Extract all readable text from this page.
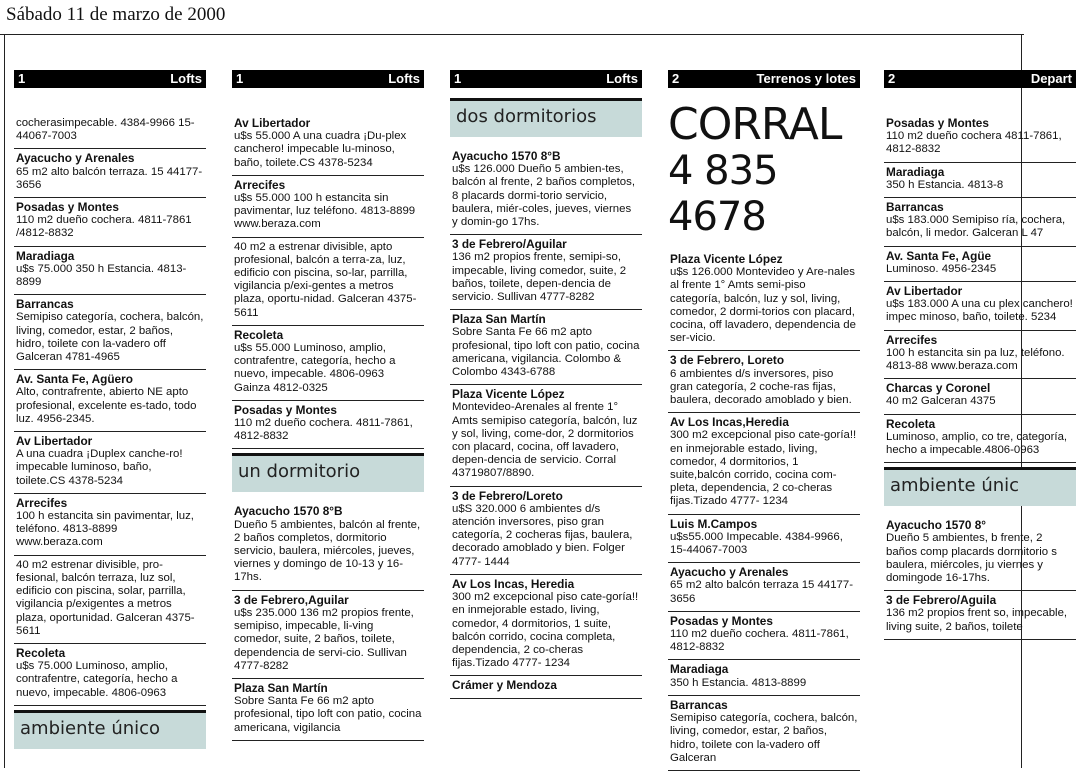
Sábado 11 de marzo de 2000
1	Lofts
cocherasimpecable. 4384-9966 15-44067-7003
Ayacucho y Arenales
65 m2 alto balcón terraza. 15 44177-3656
Posadas y Montes
110 m2 dueño cochera. 4811-7861 /4812-8832
Maradiaga
u$s 75.000 350 h Estancia. 4813-8899
Barrancas
Semipiso categoría, cochera, balcón, living, comedor, estar, 2 baños, hidro, toilete con la-vadero off Galceran 4781-4965
Av. Santa Fe, Agüero
Alto, contrafrente, abierto NE apto profesional, excelente es-tado, todo luz. 4956-2345.
Av Libertador
A una cuadra ¡Duplex canche-ro! impecable luminoso, baño, toilete.CS 4378-5234
Arrecifes
100 h estancita sin pavimentar, luz, teléfono. 4813-8899 www.beraza.com
40 m2 estrenar divisible, pro-fesional, balcón terraza, luz sol, edificio con piscina, solar, parrilla, vigilancia p/exigentes a metros plaza, oportunidad. Galceran 4375-5611
Recoleta
u$s 75.000 Luminoso, amplio, contrafentre, categoría, hecho a nuevo, impecable. 4806-0963
ambiente único
1	Lofts
Av Libertador
u$s 55.000 A una cuadra ¡Du-plex canchero! impecable lu-minoso, baño, toilete.CS 4378-5234
Arrecifes
u$s 55.000 100 h estancita sin pavimentar, luz teléfono. 4813-8899 www.beraza.com
40 m2 a estrenar divisible, apto profesional, balcón a terra-za, luz, edificio con piscina, so-lar, parrilla, vigilancia p/exi-gentes a metros plaza, oportu-nidad. Galceran 4375-5611
Recoleta
u$s 55.000 Luminoso, amplio, contrafentre, categoría, hecho a nuevo, impecable. 4806-0963 Gainza 4812-0325
Posadas y Montes
110 m2 dueño cochera. 4811-7861, 4812-8832
un dormitorio
Ayacucho 1570 8°B
Dueño 5 ambientes, balcón al frente, 2 baños completos, dormitorio servicio, baulera, miércoles, jueves, viernes y domingo de 10-13 y 16-17hs.
3 de Febrero,Aguilar
u$s 235.000 136 m2 propios frente, semipiso, impecable, li-ving comedor, suite, 2 baños, toilete, dependencia de servi-cio. Sullivan 4777-8282
Plaza San Martín
Sobre Santa Fe 66 m2 apto profesional, tipo loft con patio, cocina americana, vigilancia
1	Lofts
dos dormitorios
Ayacucho 1570 8°B
u$s 126.000 Dueño 5 ambien-tes, balcón al frente, 2 baños completos, 8 placards dormi-torio servicio, baulera, miér-coles, jueves, viernes y domin-go 17hs.
3 de Febrero/Aguilar
136 m2 propios frente, semipi-so, impecable, living comedor, suite, 2 baños, toilete, depen-dencia de servicio. Sullivan 4777-8282
Plaza San Martín
Sobre Santa Fe 66 m2 apto profesional, tipo loft con patio, cocina americana, vigilancia. Colombo & Colombo 4343-6788
Plaza Vicente López
Montevideo-Arenales al frente 1° Amts semipiso categoría, balcón, luz y sol, living, come-dor, 2 dormitorios con placard, cocina, off lavadero, depen-dencia de servicio. Corral 43719807/8890.
3 de Febrero/Loreto
u$S 320.000 6 ambientes d/s atención inversores, piso gran categoría, 2 cocheras fijas, baulera, decorado amoblado y bien. Folger 4777- 1444
Av Los Incas, Heredia
300 m2 excepcional piso cate-goría!! en inmejorable estado, living, comedor, 4 dormitorios, 1 suite, balcón corrido, cocina completa, dependencia, 2 co-cheras fijas.Tizado 4777- 1234
Crámer y Mendoza
2	Terrenos y lotes
CORRAL
4 835 4678
Plaza Vicente López
u$s 126.000 Montevideo y Are-nales al frente 1° Amts semi-piso categoría, balcón, luz y sol, living, comedor, 2 dormi-torios con placard, cocina, off lavadero, dependencia de ser-vicio.
3 de Febrero, Loreto
6 ambientes d/s inversores, piso gran categoría, 2 coche-ras fijas, baulera, decorado amoblado y bien.
Av Los Incas,Heredia
300 m2 excepcional piso cate-goría!! en inmejorable estado, living, comedor, 4 dormitorios, 1 suite,balcón corrido, cocina com-pleta, dependencia, 2 co-cheras fijas.Tizado 4777- 1234
Luis M.Campos
u$s55.000 Impecable. 4384-9966, 15-44067-7003
Ayacucho y Arenales
65 m2 alto balcón terraza 15 44177-3656
Posadas y Montes
110 m2 dueño cochera. 4811-7861, 4812-8832
Maradiaga
350 h Estancia. 4813-8899
Barrancas
Semipiso categoría, cochera, balcón, living, comedor, estar, 2 baños, hidro, toilete con la-vadero off Galceran
2	Depart
Posadas y Montes
110 m2 dueño cochera 4811-7861, 4812-8832
Maradiaga
350 h Estancia. 4813-8
Barrancas
u$s 183.000 Semipiso ría, cochera, balcón, li medor. Galceran L 47
Av. Santa Fe, Agüe
Luminoso. 4956-2345
Av Libertador
u$s 183.000 A una cu plex canchero! impec minoso, baño, toilete. 5234
Arrecifes
100 h estancita sin pa luz, teléfono. 4813-88 www.beraza.com
Charcas y Coronel
40 m2 Galceran 4375
Recoleta
Luminoso, amplio, co tre, categoría, hecho a impecable.4806-0963
ambiente únic
Ayacucho 1570 8°
Dueño 5 ambientes, b frente, 2 baños comp placards dormitorio s baulera, miércoles, ju viernes y domingode 16-17hs.
3 de Febrero/Aguila
136 m2 propios frent so, impecable, living suite, 2 baños, toilete
